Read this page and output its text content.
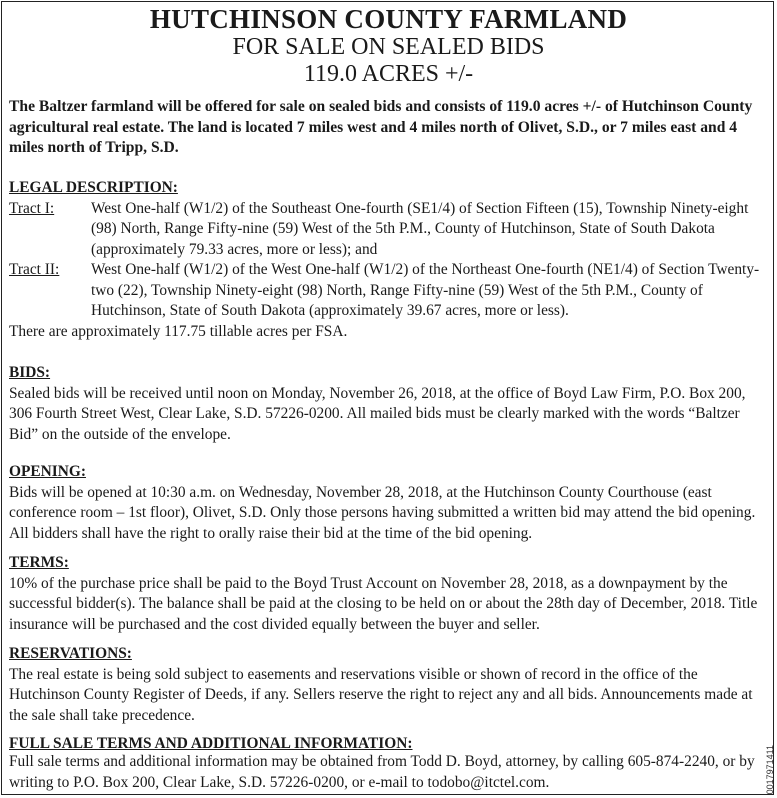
HUTCHINSON COUNTY FARMLAND
FOR SALE ON SEALED BIDS
119.0 ACRES +/-
The Baltzer farmland will be offered for sale on sealed bids and consists of 119.0 acres +/- of Hutchinson County agricultural real estate. The land is located 7 miles west and 4 miles north of Olivet, S.D., or 7 miles east and 4 miles north of Tripp, S.D.
LEGAL DESCRIPTION:
Tract I:	West One-half (W1/2) of the Southeast One-fourth (SE1/4) of Section Fifteen (15), Township Ninety-eight (98) North, Range Fifty-nine (59) West of the 5th P.M., County of Hutchinson, State of South Dakota (approximately 79.33 acres, more or less); and
Tract II:	West One-half (W1/2) of the West One-half (W1/2) of the Northeast One-fourth (NE1/4) of Section Twenty-two (22), Township Ninety-eight (98) North, Range Fifty-nine (59) West of the 5th P.M., County of Hutchinson, State of South Dakota (approximately 39.67 acres, more or less).
There are approximately 117.75 tillable acres per FSA.
BIDS:
Sealed bids will be received until noon on Monday, November 26, 2018, at the office of Boyd Law Firm, P.O. Box 200, 306 Fourth Street West, Clear Lake, S.D. 57226-0200. All mailed bids must be clearly marked with the words “Baltzer Bid” on the outside of the envelope.
OPENING:
Bids will be opened at 10:30 a.m. on Wednesday, November 28, 2018, at the Hutchinson County Courthouse (east conference room – 1st floor), Olivet, S.D. Only those persons having submitted a written bid may attend the bid opening. All bidders shall have the right to orally raise their bid at the time of the bid opening.
TERMS:
10% of the purchase price shall be paid to the Boyd Trust Account on November 28, 2018, as a downpayment by the successful bidder(s). The balance shall be paid at the closing to be held on or about the 28th day of December, 2018. Title insurance will be purchased and the cost divided equally between the buyer and seller.
RESERVATIONS:
The real estate is being sold subject to easements and reservations visible or shown of record in the office of the Hutchinson County Register of Deeds, if any. Sellers reserve the right to reject any and all bids. Announcements made at the sale shall take precedence.
FULL SALE TERMS AND ADDITIONAL INFORMATION:
Full sale terms and additional information may be obtained from Todd D. Boyd, attorney, by calling 605-874-2240, or by writing to P.O. Box 200, Clear Lake, S.D. 57226-0200, or e-mail to todobo@itctel.com.	0017971411
